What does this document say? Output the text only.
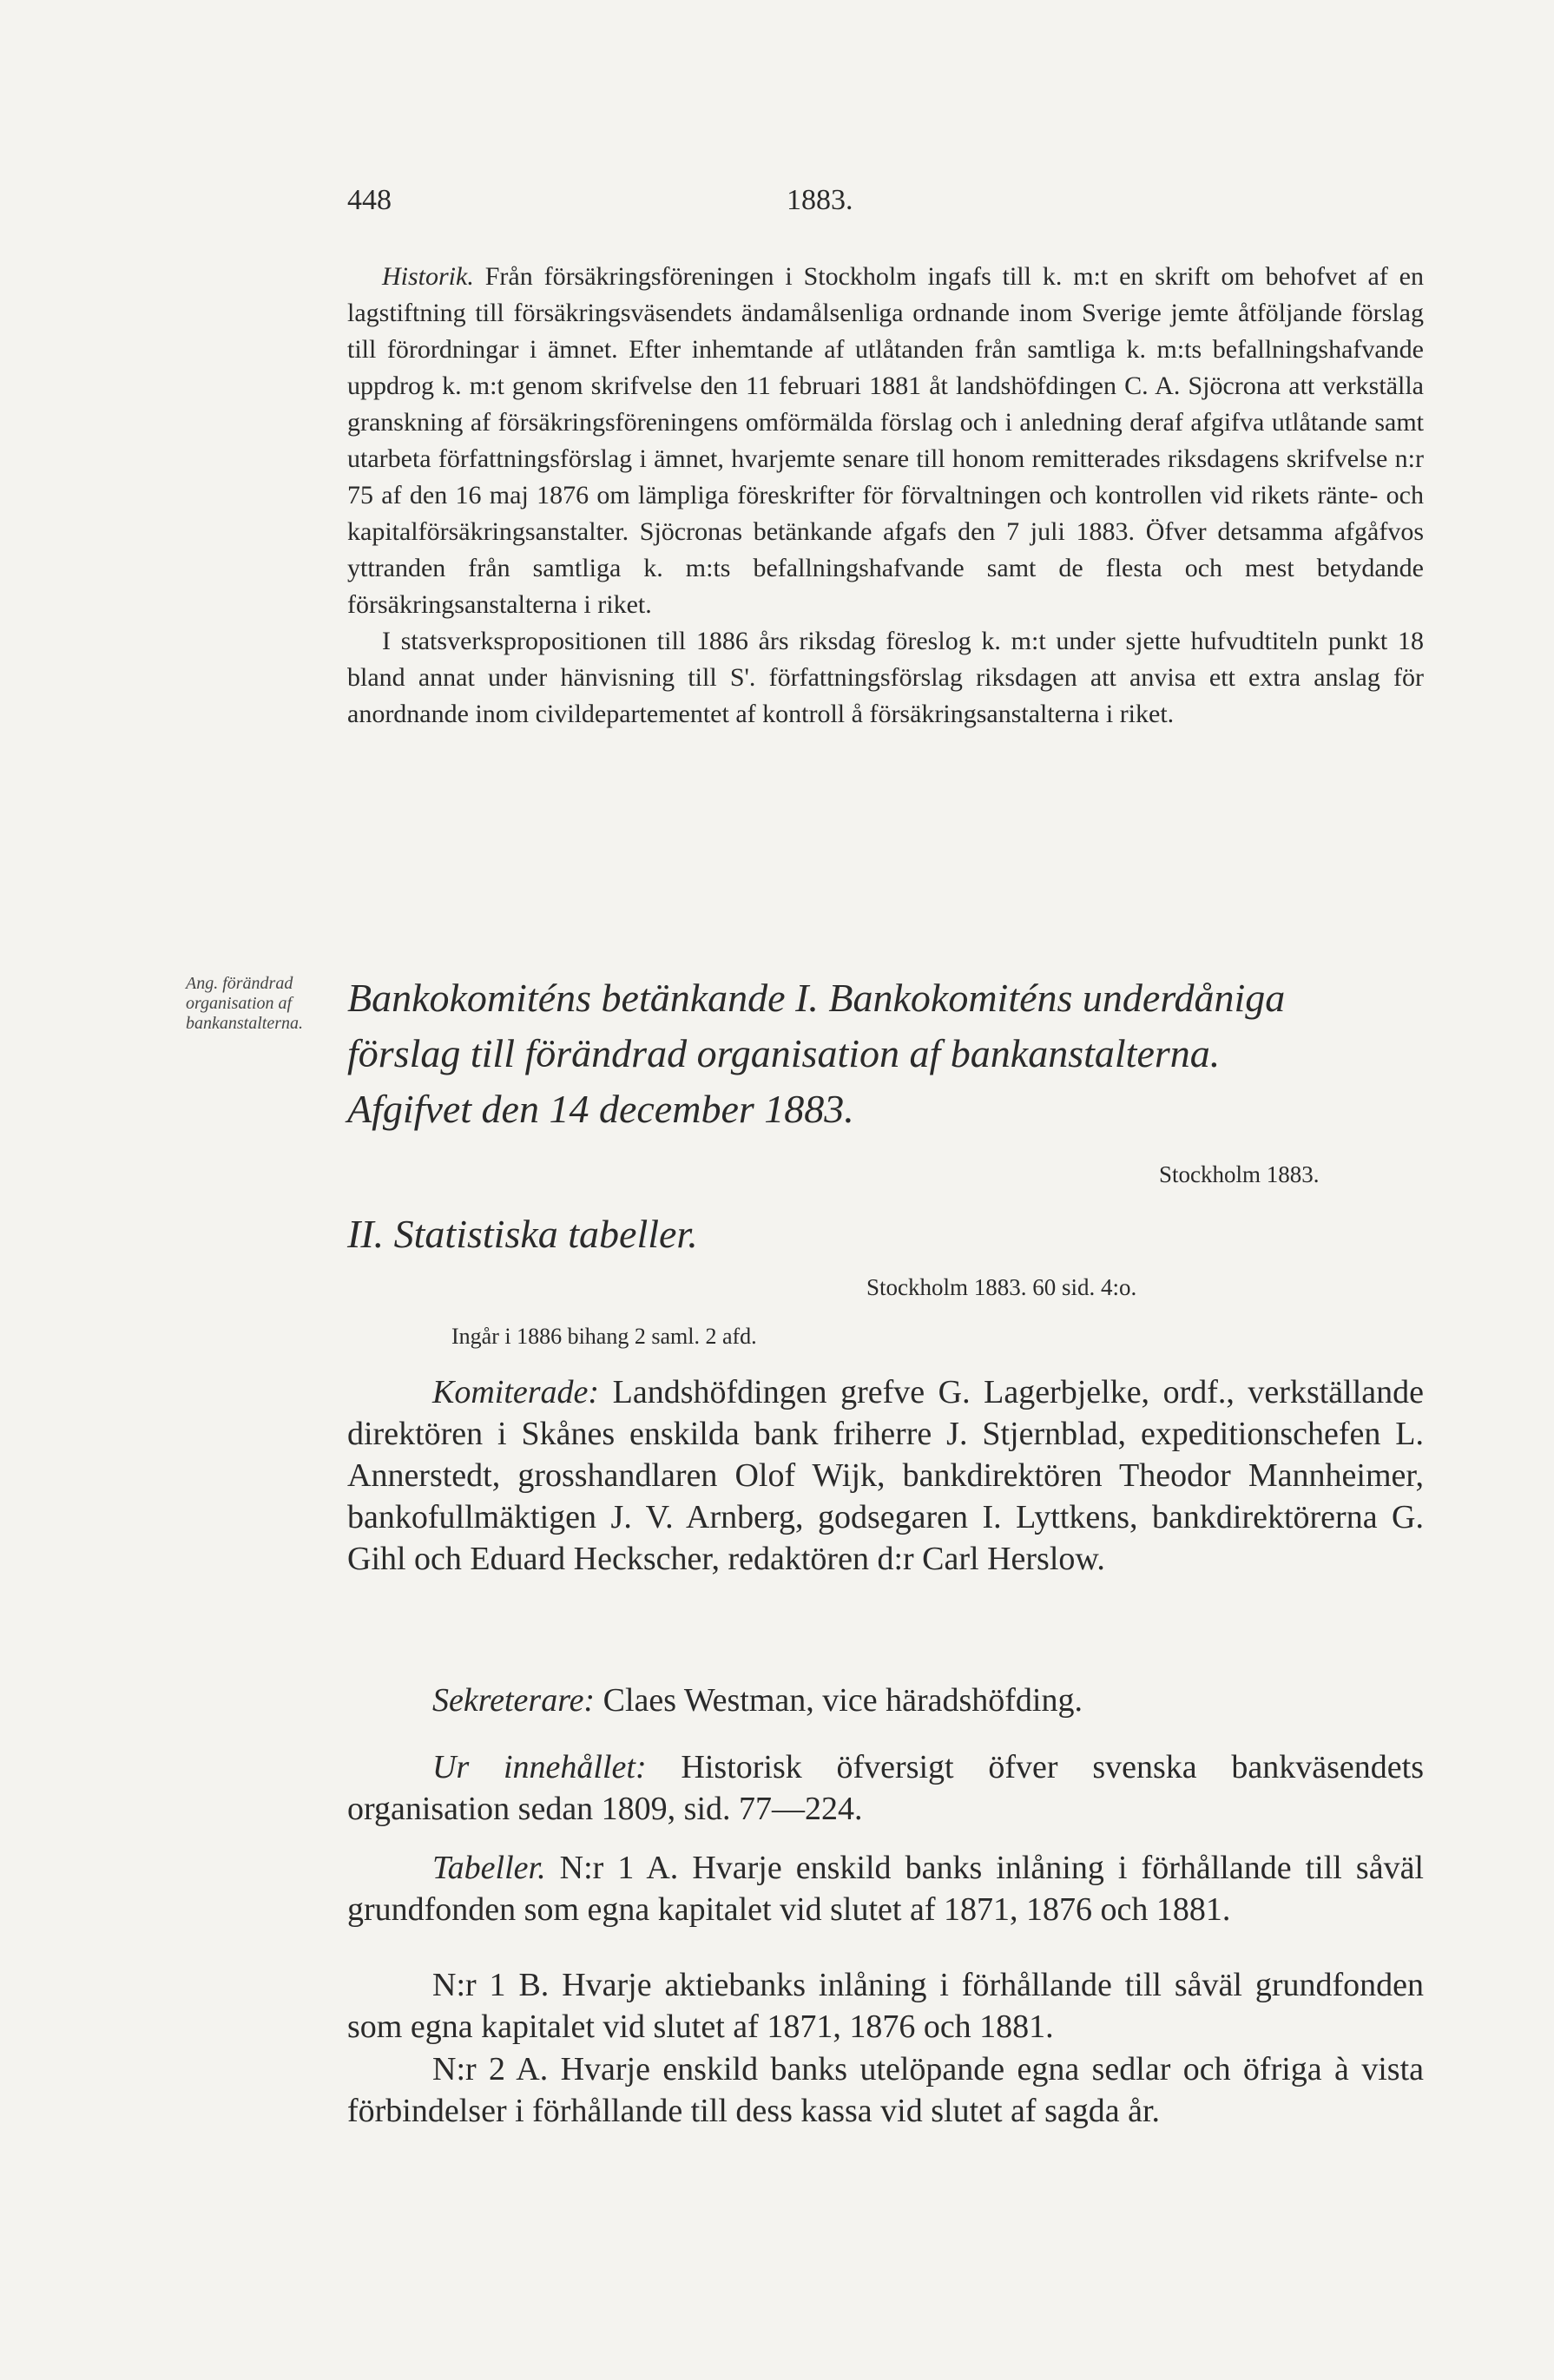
448	1883.

Historik. Från försäkringsföreningen i Stockholm ingafs till k. m:t en skrift om behofvet af en lagstiftning till försäkringsväsendets ändamålsenliga ordnande inom Sverige jemte åtföljande förslag till förordningar i ämnet. Efter inhemtande af utlåtanden från samtliga k. m:ts befallningshafvande uppdrog k. m:t genom skrifvelse den 11 februari 1881 åt landshöfdingen C. A. Sjöcrona att verkställa granskning af försäkringsföreningens omförmälda förslag och i anledning deraf afgifva utlåtande samt utarbeta författningsförslag i ämnet, hvarjemte senare till honom remitterades riksdagens skrifvelse n:r 75 af den 16 maj 1876 om lämpliga föreskrifter för förvaltningen och kontrollen vid rikets ränte- och kapitalförsäkringsanstalter. Sjöcronas betänkande afgafs den 7 juli 1883. Öfver detsamma afgåfvos yttranden från samtliga k. m:ts befallningshafvande samt de flesta och mest betydande försäkringsanstalterna i riket.

I statsverkspropositionen till 1886 års riksdag föreslog k. m:t under sjette hufvudtiteln punkt 18 bland annat under hänvisning till S'. författningsförslag riksdagen att anvisa ett extra anslag för anordnande inom civildepartementet af kontroll å försäkringsanstalterna i riket.

Ang. förändrad organisation af bankanstalterna.
Bankokomiténs betänkande I. Bankokomiténs underdåniga
förslag till förändrad organisation af bankanstalterna.
Afgifvet den 14 december 1883.
Stockholm 1883.
II. Statistiska tabeller.
Stockholm 1883. 60 sid. 4:o.
Ingår i 1886 bihang 2 saml. 2 afd.

Komiterade: Landshöfdingen grefve G. Lagerbjelke, ordf., verkställande direktören i Skånes enskilda bank friherre J. Stjernblad, expeditionschefen L. Annerstedt, grosshandlaren Olof Wijk, bankdirektören Theodor Mannheimer, bankofullmäktigen J. V. Arnberg, godsegaren I. Lyttkens, bankdirektörerna G. Gihl och Eduard Heckscher, redaktören d:r Carl Herslow.

Sekreterare: Claes Westman, vice häradshöfding.

Ur innehållet: Historisk öfversigt öfver svenska bankväsendets organisation sedan 1809, sid. 77—224.

Tabeller. N:r 1 A. Hvarje enskild banks inlåning i förhållande till såväl grundfonden som egna kapitalet vid slutet af 1871, 1876 och 1881.

N:r 1 B. Hvarje aktiebanks inlåning i förhållande till såväl grundfonden som egna kapitalet vid slutet af 1871, 1876 och 1881.

N:r 2 A. Hvarje enskild banks utelöpande egna sedlar och öfriga à vista förbindelser i förhållande till dess kassa vid slutet af sagda år.
